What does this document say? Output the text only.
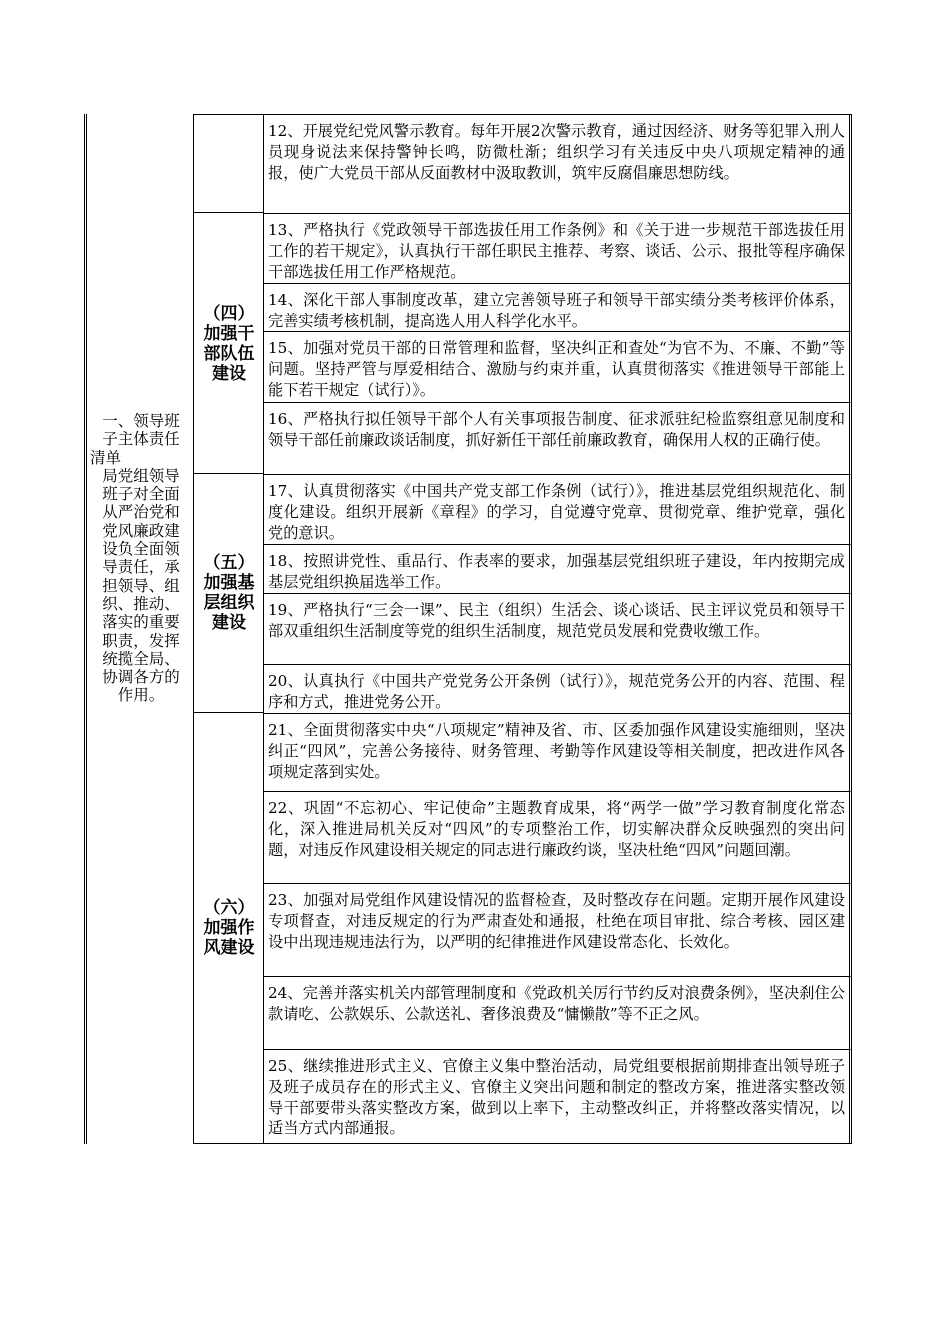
一、领导班
子主体责任
清单
局党组领导
班子对全面
从严治党和
党风廉政建
设负全面领
导责任，承
担领导、组
织、推动、
落实的重要
职责，发挥
统揽全局、
协调各方的
作用。
（四）
加强干
部队伍
建设
（五）
加强基
层组织
建设
（六）
加强作
风建设
12、开展党纪党风警示教育。每年开展2次警示教育，通过因经济、财务等犯罪入刑人员现身说法来保持警钟长鸣，防微杜渐；组织学习有关违反中央八项规定精神的通报，使广大党员干部从反面教材中汲取教训，筑牢反腐倡廉思想防线。
13、严格执行《党政领导干部选拔任用工作条例》和《关于进一步规范干部选拔任用工作的若干规定》，认真执行干部任职民主推荐、考察、谈话、公示、报批等程序确保干部选拔任用工作严格规范。
14、深化干部人事制度改革，建立完善领导班子和领导干部实绩分类考核评价体系，完善实绩考核机制，提高选人用人科学化水平。
15、加强对党员干部的日常管理和监督，坚决纠正和查处“为官不为、不廉、不勤”等问题。坚持严管与厚爱相结合、激励与约束并重，认真贯彻落实《推进领导干部能上能下若干规定（试行）》。
16、严格执行拟任领导干部个人有关事项报告制度、征求派驻纪检监察组意见制度和领导干部任前廉政谈话制度，抓好新任干部任前廉政教育，确保用人权的正确行使。
17、认真贯彻落实《中国共产党支部工作条例（试行）》，推进基层党组织规范化、制度化建设。组织开展新《章程》的学习，自觉遵守党章、贯彻党章、维护党章，强化党的意识。
18、按照讲党性、重品行、作表率的要求，加强基层党组织班子建设，年内按期完成基层党组织换届选举工作。
19、严格执行“三会一课”、民主（组织）生活会、谈心谈话、民主评议党员和领导干部双重组织生活制度等党的组织生活制度，规范党员发展和党费收缴工作。
20、认真执行《中国共产党党务公开条例（试行）》，规范党务公开的内容、范围、程序和方式，推进党务公开。
21、全面贯彻落实中央“八项规定”精神及省、市、区委加强作风建设实施细则，坚决纠正“四风”，完善公务接待、财务管理、考勤等作风建设等相关制度，把改进作风各项规定落到实处。
22、巩固“不忘初心、牢记使命”主题教育成果，将“两学一做”学习教育制度化常态化，深入推进局机关反对“四风”的专项整治工作，切实解决群众反映强烈的突出问题，对违反作风建设相关规定的同志进行廉政约谈，坚决杜绝“四风”问题回潮。
23、加强对局党组作风建设情况的监督检查，及时整改存在问题。定期开展作风建设专项督查，对违反规定的行为严肃查处和通报，杜绝在项目审批、综合考核、园区建设中出现违规违法行为，以严明的纪律推进作风建设常态化、长效化。
24、完善并落实机关内部管理制度和《党政机关厉行节约反对浪费条例》，坚决刹住公款请吃、公款娱乐、公款送礼、奢侈浪费及“慵懒散”等不正之风。
25、继续推进形式主义、官僚主义集中整治活动，局党组要根据前期排查出领导班子及班子成员存在的形式主义、官僚主义突出问题和制定的整改方案，推进落实整改领导干部要带头落实整改方案，做到以上率下，主动整改纠正，并将整改落实情况，以适当方式内部通报。
